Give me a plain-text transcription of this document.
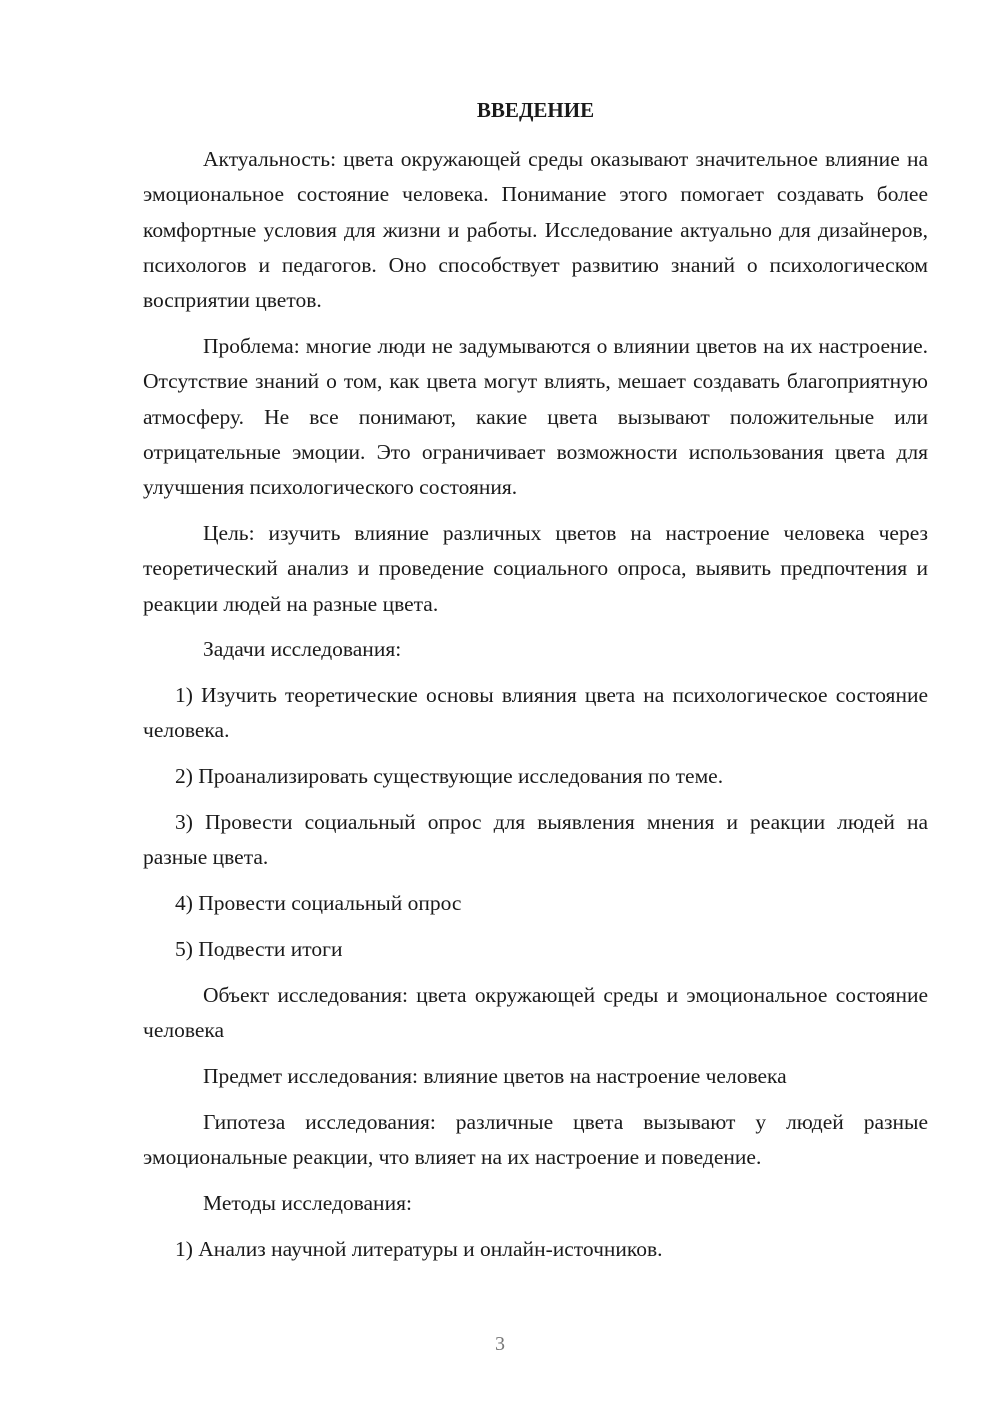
ВВЕДЕНИЕ

Актуальность: цвета окружающей среды оказывают значительное влияние на эмоциональное состояние человека. Понимание этого помогает создавать более комфортные условия для жизни и работы. Исследование актуально для дизайнеров, психологов и педагогов. Оно способствует развитию знаний о психологическом восприятии цветов.

Проблема: многие люди не задумываются о влиянии цветов на их настроение. Отсутствие знаний о том, как цвета могут влиять, мешает создавать благоприятную атмосферу. Не все понимают, какие цвета вызывают положительные или отрицательные эмоции. Это ограничивает возможности использования цвета для улучшения психологического состояния.

Цель: изучить влияние различных цветов на настроение человека через теоретический анализ и проведение социального опроса, выявить предпочтения и реакции людей на разные цвета.

Задачи исследования:

1) Изучить теоретические основы влияния цвета на психологическое состояние человека.

2) Проанализировать существующие исследования по теме.

3) Провести социальный опрос для выявления мнения и реакции людей на разные цвета.

4) Провести социальный опрос

5) Подвести итоги

Объект исследования: цвета окружающей среды и эмоциональное состояние человека

Предмет исследования: влияние цветов на настроение человека

Гипотеза исследования: различные цвета вызывают у людей разные эмоциональные реакции, что влияет на их настроение и поведение.

Методы исследования:

1) Анализ научной литературы и онлайн-источников.

3
